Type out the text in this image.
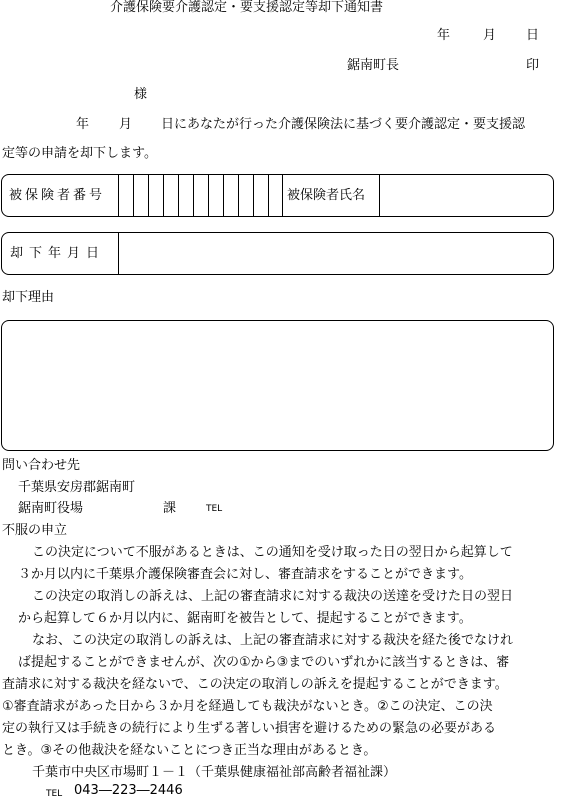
介護保険要介護認定・要支援認定等却下通知書
年	月 日
鋸南町長	印
様
年 月 日にあなたが行った介護保険法に基づく要介護認定・要支援認
定等の申請を却下します。
被保険者番号	被保険者氏名
却下年月日
却下理由
問い合わせ先
千葉県安房郡鋸南町
鋸南町役場	課	TEL
不服の申立
この決定について不服があるときは、この通知を受け取った日の翌日から起算して
３か月以内に千葉県介護保険審査会に対し、審査請求をすることができます。
この決定の取消しの訴えは、上記の審査請求に対する裁決の送達を受けた日の翌日
から起算して６か月以内に、鋸南町を被告として、提起することができます。
なお、この決定の取消しの訴えは、上記の審査請求に対する裁決を経た後でなけれ
ば提起することができませんが、次の①から③までのいずれかに該当するときは、審
査請求に対する裁決を経ないで、この決定の取消しの訴えを提起することができます。
①審査請求があった日から３か月を経過しても裁決がないとき。②この決定、この決
定の執行又は手続きの続行により生ずる著しい損害を避けるための緊急の必要がある
とき。③その他裁決を経ないことにつき正当な理由があるとき。
千葉市中央区市場町１－１（千葉県健康福祉部高齢者福祉課）
TEL 043―223―2446
